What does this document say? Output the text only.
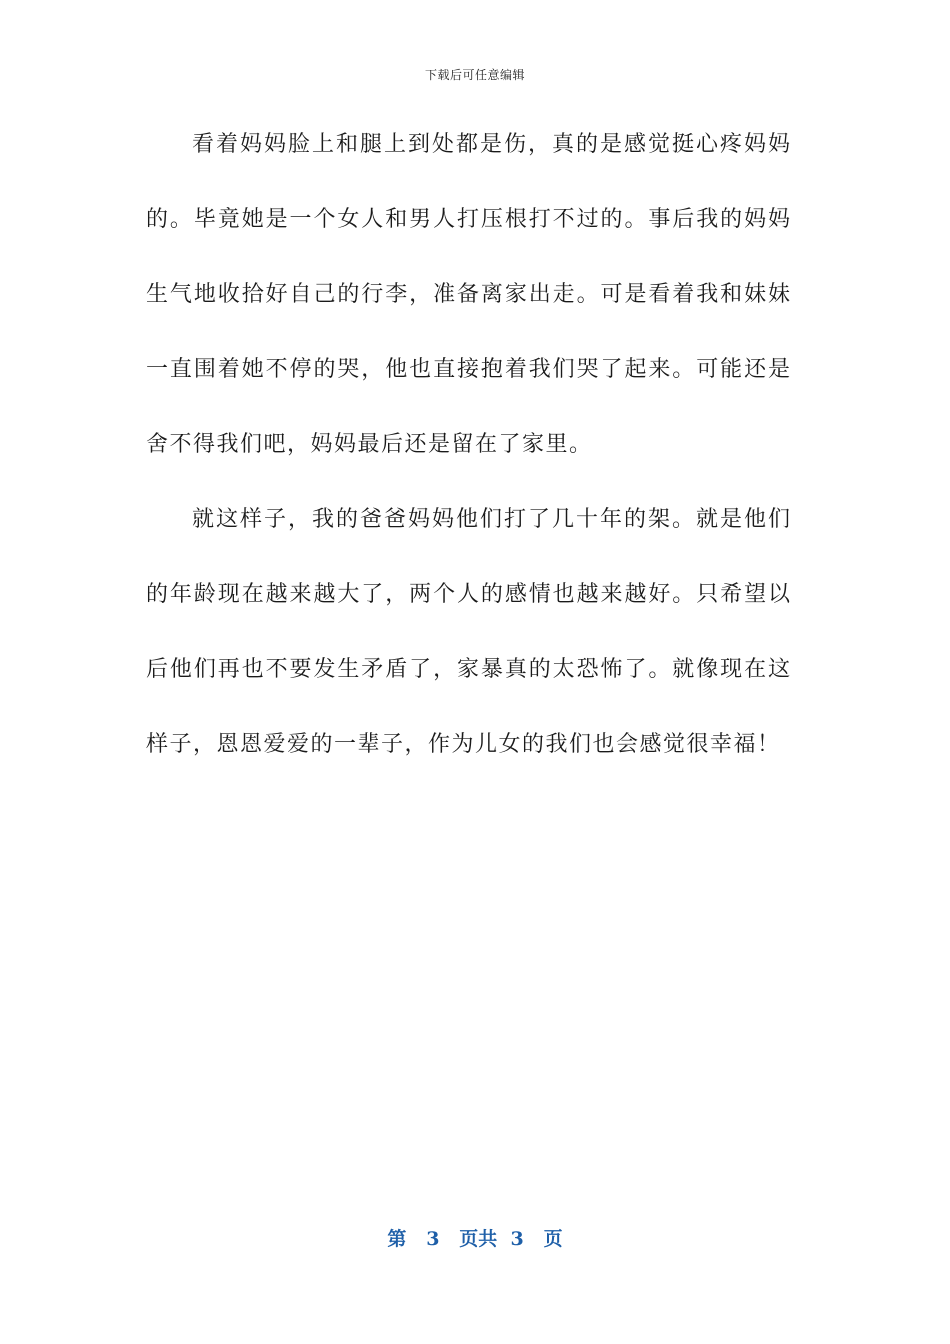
下载后可任意编辑
看着妈妈脸上和腿上到处都是伤，真的是感觉挺心疼妈妈
的。毕竟她是一个女人和男人打压根打不过的。事后我的妈妈
生气地收拾好自己的行李，准备离家出走。可是看着我和妹妹
一直围着她不停的哭，他也直接抱着我们哭了起来。可能还是
舍不得我们吧，妈妈最后还是留在了家里。
就这样子，我的爸爸妈妈他们打了几十年的架。就是他们
的年龄现在越来越大了，两个人的感情也越来越好。只希望以
后他们再也不要发生矛盾了，家暴真的太恐怖了。就像现在这
样子，恩恩爱爱的一辈子，作为儿女的我们也会感觉很幸福！
第 3 页共 3 页
